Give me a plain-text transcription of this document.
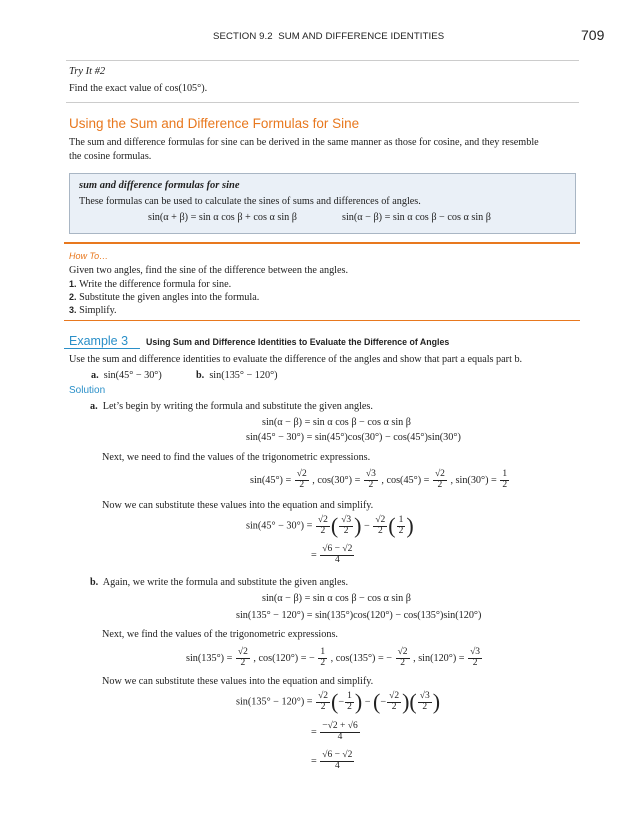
SECTION 9.2 SUM AND DIFFERENCE IDENTITIES	709
Try It #2
Find the exact value of cos(105°).
Using the Sum and Difference Formulas for Sine
The sum and difference formulas for sine can be derived in the same manner as those for cosine, and they resemble
the cosine formulas.
sum and difference formulas for sine
These formulas can be used to calculate the sines of sums and differences of angles.
sin(α + β) = sin α cos β + cos α sin β	sin(α − β) = sin α cos β − cos α sin β
How To…
Given two angles, find the sine of the difference between the angles.
1. Write the difference formula for sine.
2. Substitute the given angles into the formula.
3. Simplify.
Example 3 Using Sum and Difference Identities to Evaluate the Difference of Angles
Use the sum and difference identities to evaluate the difference of the angles and show that part a equals part b.
a. sin(45° − 30°)	b. sin(135° − 120°)
Solution
a. Let’s begin by writing the formula and substitute the given angles.
sin(α − β) = sin α cos β − cos α sin β
sin(45° − 30°) = sin(45°)cos(30°) − cos(45°)sin(30°)
Next, we need to find the values of the trigonometric expressions.
$\sin(45^\circ) = \frac{√2}{2}$ , $\cos(30^\circ) = \frac{√3}{2}$ , $\cos(45^\circ) = \frac{√2}{2}$ , $\sin(30^\circ) = \frac{1}{2}$
Now we can substitute these values into the equation and simplify.
$\sin(45^\circ - 30^\circ) = \frac{√2}{2}$ ( $\frac{√3}{2}$ ) − $\frac{√2}{2}$ ( $\frac{1}{2}$ )
= $\frac{√6 - √2}{4}$
b. Again, we write the formula and substitute the given angles.
sin(α − β) = sin α cos β − cos α sin β
sin(135° − 120°) = sin(135°)cos(120°) − cos(135°)sin(120°)
Next, we find the values of the trigonometric expressions.
$\sin(135^\circ) = \frac{√2}{2}$ , cos(120°) = − $\frac{1}{2}$ , cos(135°) = − $\frac{√2}{2}$ , $\sin(120^\circ) = \frac{√3}{2}$
Now we can substitute these values into the equation and simplify.
$\sin(135^\circ - 120^\circ) = \frac{√2}{2}$ (− $\frac{1}{2}$ ) − (− $\frac{√2}{2}$ )( $\frac{√3}{2}$ )
= $\frac{-√2 + √6}{4}$
= $\frac{√6 - √2}{4}$
